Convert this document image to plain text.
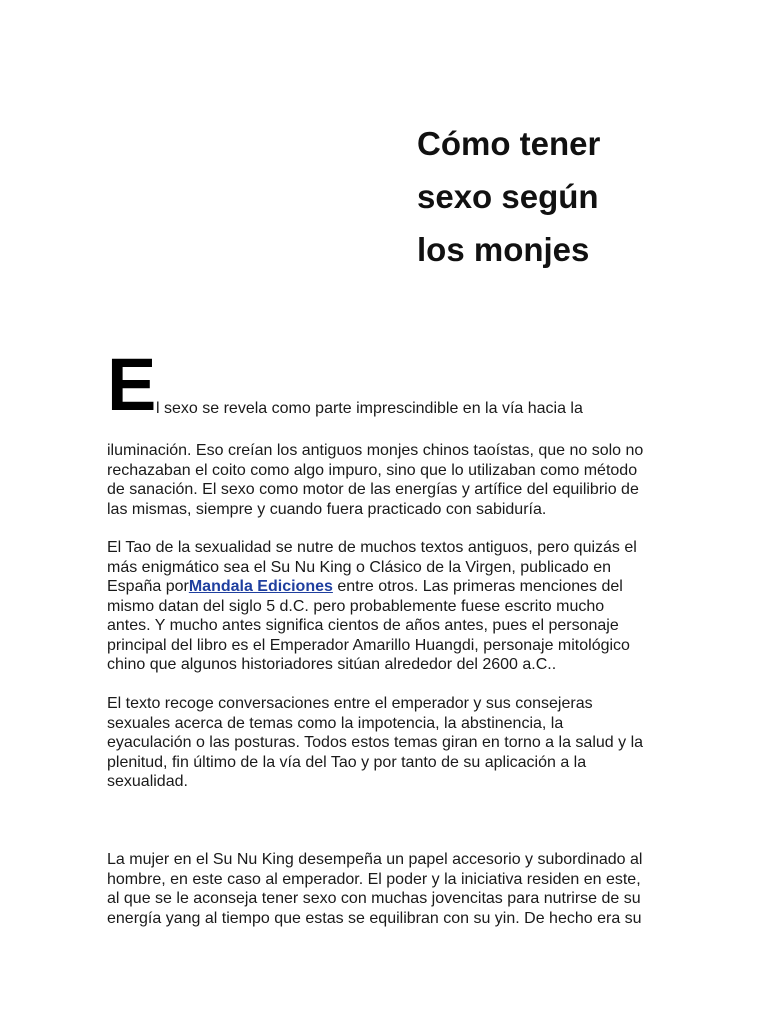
Cómo tener
sexo según
los monjes
E l sexo se revela como parte imprescindible en la vía hacia la

iluminación. Eso creían los antiguos monjes chinos taoístas, que no solo no
rechazaban el coito como algo impuro, sino que lo utilizaban como método
de sanación. El sexo como motor de las energías y artífice del equilibrio de
las mismas, siempre y cuando fuera practicado con sabiduría.

El Tao de la sexualidad se nutre de muchos textos antiguos, pero quizás el
más enigmático sea el Su Nu King o Clásico de la Virgen, publicado en
España porMandala Ediciones entre otros. Las primeras menciones del
mismo datan del siglo 5 d.C. pero probablemente fuese escrito mucho
antes. Y mucho antes significa cientos de años antes, pues el personaje
principal del libro es el Emperador Amarillo Huangdi, personaje mitológico
chino que algunos historiadores sitúan alrededor del 2600 a.C..

El texto recoge conversaciones entre el emperador y sus consejeras
sexuales acerca de temas como la impotencia, la abstinencia, la
eyaculación o las posturas. Todos estos temas giran en torno a la salud y la
plenitud, fin último de la vía del Tao y por tanto de su aplicación a la
sexualidad.

La mujer en el Su Nu King desempeña un papel accesorio y subordinado al
hombre, en este caso al emperador. El poder y la iniciativa residen en este,
al que se le aconseja tener sexo con muchas jovencitas para nutrirse de su
energía yang al tiempo que estas se equilibran con su yin. De hecho era su
